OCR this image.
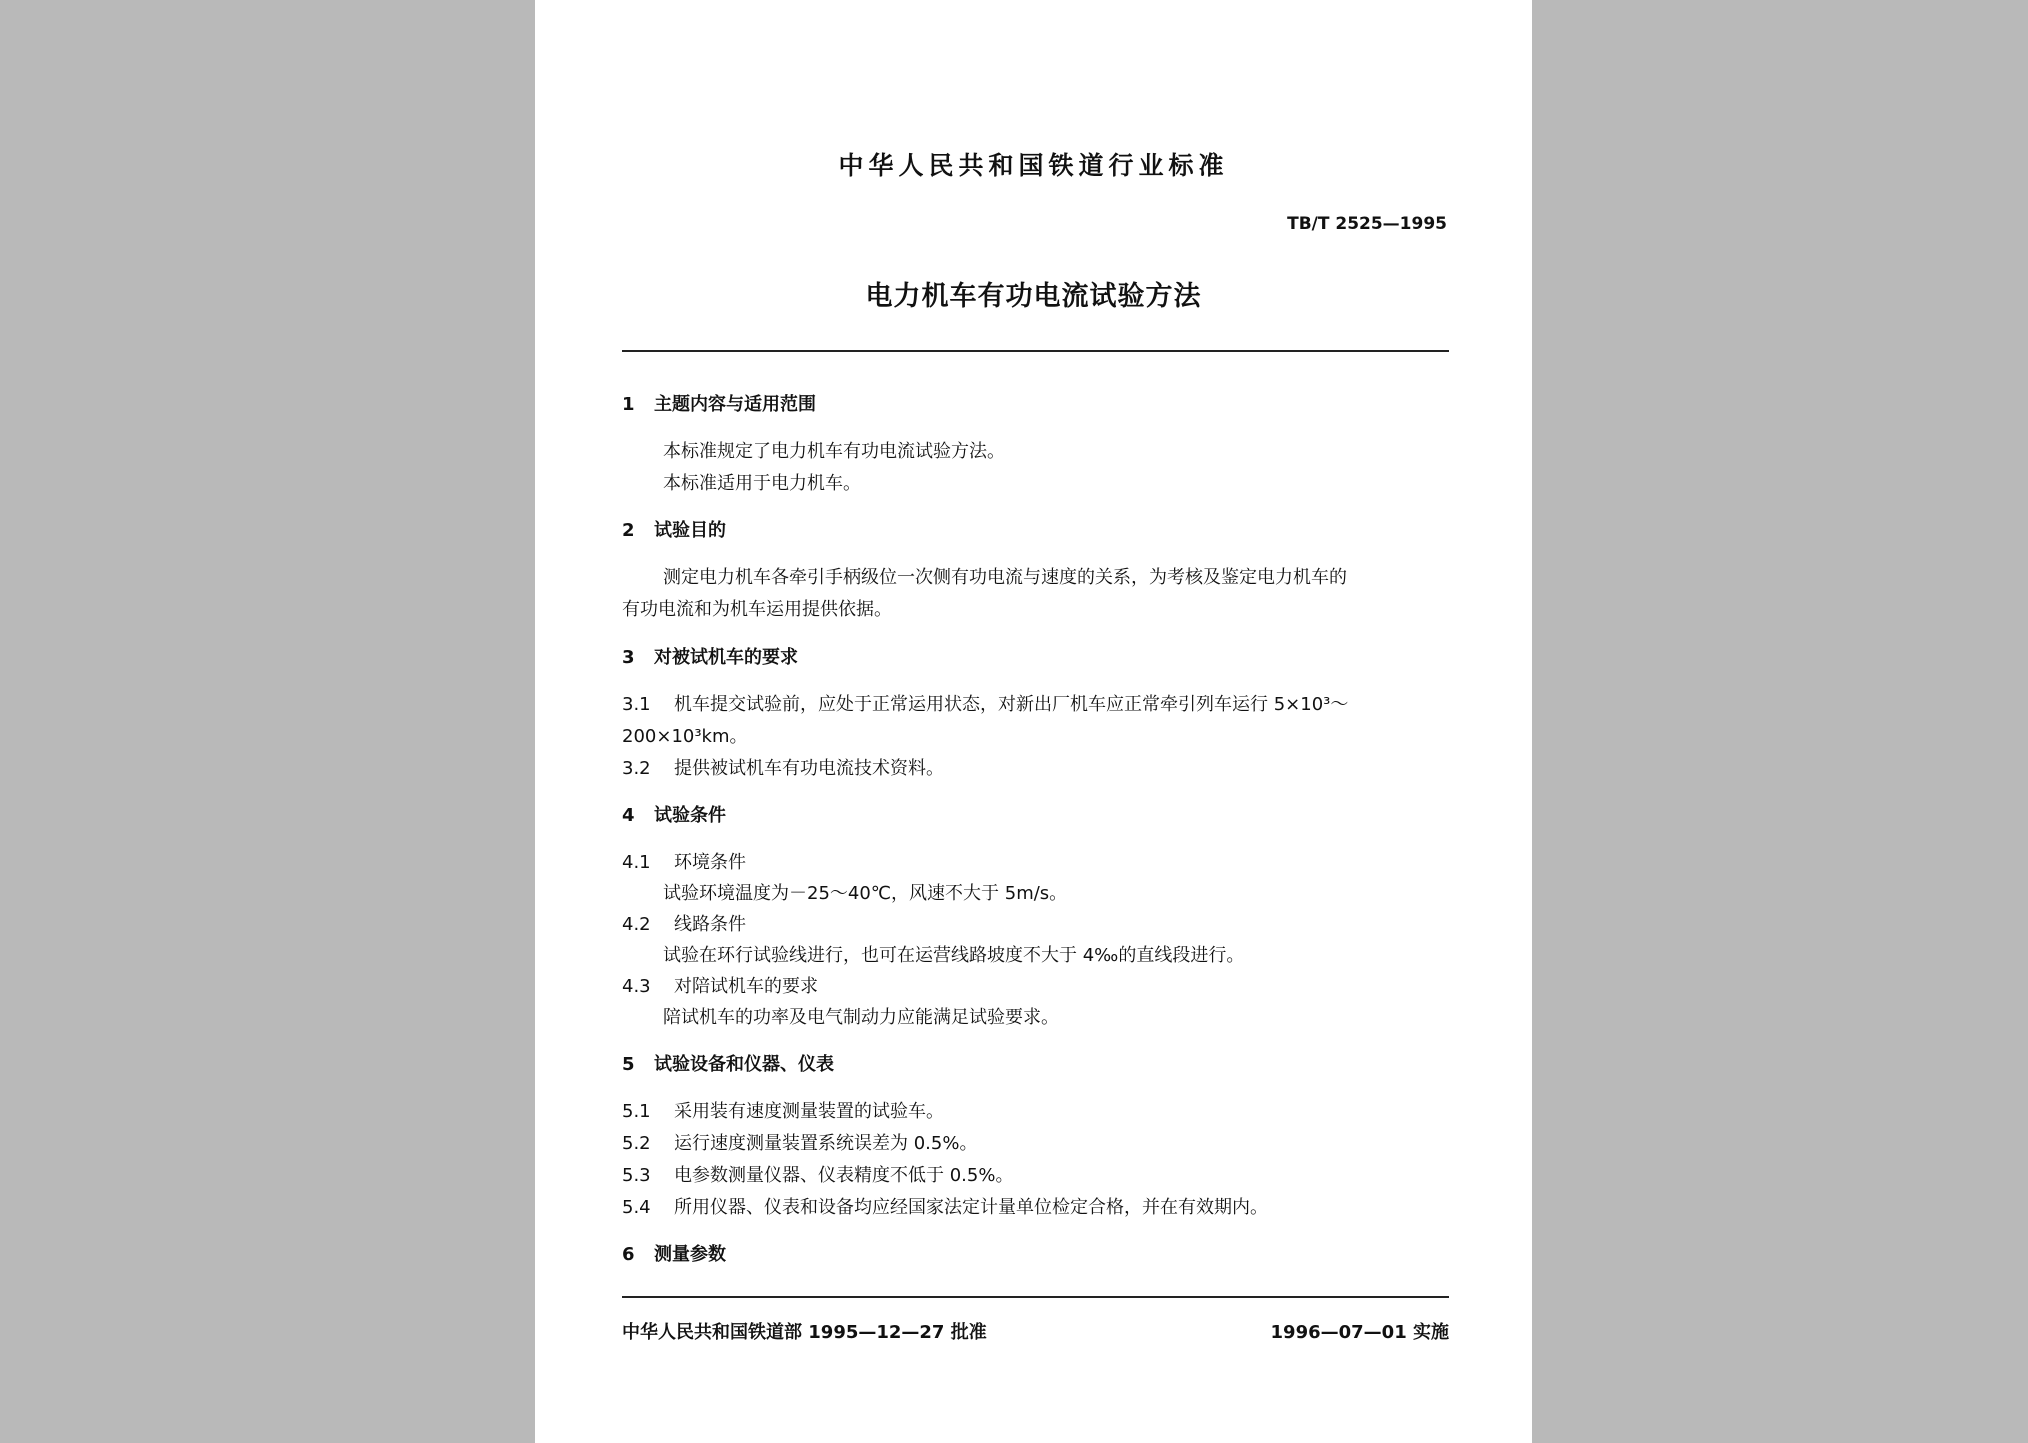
中华人民共和国铁道行业标准
TB/T 2525—1995
电力机车有功电流试验方法
1 主题内容与适用范围
本标准规定了电力机车有功电流试验方法。
本标准适用于电力机车。
2 试验目的
测定电力机车各牵引手柄级位一次侧有功电流与速度的关系，为考核及鉴定电力机车的
有功电流和为机车运用提供依据。
3 对被试机车的要求
3.1 机车提交试验前，应处于正常运用状态，对新出厂机车应正常牵引列车运行 5×10³～
200×10³km。
3.2 提供被试机车有功电流技术资料。
4 试验条件
4.1 环境条件
试验环境温度为－25～40℃，风速不大于 5m/s。
4.2 线路条件
试验在环行试验线进行，也可在运营线路坡度不大于 4‰的直线段进行。
4.3 对陪试机车的要求
陪试机车的功率及电气制动力应能满足试验要求。
5 试验设备和仪器、仪表
5.1 采用装有速度测量装置的试验车。
5.2 运行速度测量装置系统误差为 0.5%。
5.3 电参数测量仪器、仪表精度不低于 0.5%。
5.4 所用仪器、仪表和设备均应经国家法定计量单位检定合格，并在有效期内。
6 测量参数
中华人民共和国铁道部 1995—12—27 批准	1996—07—01 实施
